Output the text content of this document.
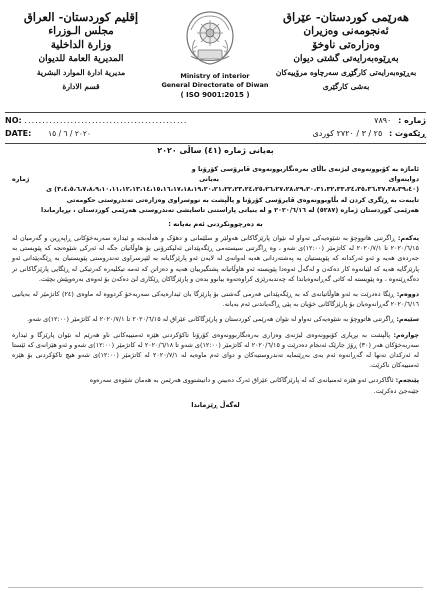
إقليم كوردستان- العراق
مجلس الـوزراء
وزارة الداخلية
المديرية العامة للديوان
مديرية ادارة الموارد البشرية
قسم الادارة
Ministry of interior
General Directorate of Diwan
( ISO 9001:2015 )
هەرێمی کوردستان- عێراق
ئەنجومەنی وەزیران
وەزارەتی ناوخۆ
بەڕێوەبەرایەتی گشتی دیوان
بەڕێوەبەرایەتی کارگێڕی سەرچاوە مرۆییەکان
بەشی کارگێری
NO: ..............................................
DATE: ٢٠٢٠ / ٦ / ١٥
ژمارە : ٧٨٩٠
ڕێکەوت : ٢٥ / ٣ / ٢٧٢٠ کوردی
بەیانی ژمارە (٤١) ساڵی ٢٠٢٠
ئاماژە بە کۆبوونەوەی لیژنەی باڵای بەرەنگاربوونەوەی ڤایرۆسی کۆرۆنا و
دواینەوای بەیانی ژمارە (٣،٤،٥،٦،٧،٨،٩،١٠،١١،١٢،١٣،١٤،١٥،١٦،١٧،١٨،١٩،٢٠،٢١،٢٢،٢٣،٢٤،٢٥،٢٦،٢٧،٢٨،٢٩،٣٠،٣١،٣٢،٣٣،٣٤،٣٥،٣٦،٣٧،٣٨،٣٩،٤٠) ی
تایبەت بە ڕێگری کردن لە بڵاوبوونەوەی ڤایرۆسی کۆرۆنا و پاڵپشت بە نووسراوی وەزارەتی تەندروستی حکومەتی
هەرێمی کوردستان ژمارە (٥٢٨٧) لە ٢٠٢٠/٦/١٦ و لە بنیاتی پاراستنی تاسایشی تەندروستی هەرێمی کوردستان ، بڕیارماندا
بە دەرچوونکردنی ئەم بەیانە :
یەکەم: ڕاگرتنی هاتووچۆ بە شێوەیەکی تەواو لە نێوان پارێزگاکانی هەولێر و سلێمانی و دهۆک و هەڵەبجە و ئیدارە سەربەخۆکانی ڕاپەڕین و گەرمیان لە ٢٠٢٠/٦/١٥ تا ٢٠٢٠/٧/١ لە کاتژمێر (١٢:٠٠)ی شەو ، وە ڕاگرتنی سیستەمی ڕێگەپێدانی ئەلیکترۆنی بۆ هاوڵاتیان جگە لە ئەرکی شێوەنجە کە پێویستی بە جەردەی هەیە و ئەو ئەرکدانە کە پێویستیان بە پەشتەردانی هەیە لەوانەی لە لایەن ئەو پارێزگایانە بە لێپرسراوی تەندروستی پێویستیان بە ڕێگەپێدانی ئەو پارێزگایە هەیە کە لێیانەوە کار دەکەن و لەگەڵ ئەوەدا پێویستە ئەو هاوڵاتیانە پشتگیرییان هەیە و دەزانن کە ئەمە تیکلیەرە کەرتیکی لە ڕێگایی پارێزگاکانی تر دەگەڕێنەوە ، وە پێویستە لە کاتی گەڕانەوەیاندا کە چەندبەرێزی کراوەتەوە بیانوو بدەن و پارێزگاکان ڕێکاری لێ دەکەن بۆ ئەوەی بەرەوپێش بچێت.
دووەم: ڕێگا دەدرێت بە ئەو هاوڵاتیانەی کە بە ڕێگەپێدانی فەرمی گەشتی بۆ پارێزگا بان ئیدارەیەکی سەربەخۆ کردووە لە ماوەی (٢٤) کاتژمێر لە بەیانیی ٢٠٢٠/٦/١٦ گەڕانەوەیان بۆ پارێزگاکانی خۆیان بە پێی ڕاگەیاندنی ئەم بەیانە.
سێیەم: ڕاگرتنی هاتووچۆ بە شێوەیەکی تەواو لە نێوان هەرێمی کوردستان و پارێزگاکانی عێراق لە ٢٠٢٠/٦/١٥ تا ٢٠٢٠/٧/١ لە کاتژمێر (١٢:٠٠)ی شەو.
چوارەم: پاڵپشت بە بڕیاری کۆبوونەوەی لیژنەی وەزاری بەرەنگاربوونەوەی کۆرۆنا تاکۆکردنی هێزە ئەمنییەکانی ناو هەرێم لە نێوان پارێزگا و ئیدارە سەربەخۆکان هەر (٣٠) ڕۆژ جارێک ئەنجام دەدرێت و ٢٠٢٠/٦/١٥ لە کاتژمێر (١٢:٠٠)ی شەو تا ٢٠٢٠/٦/١٨ لە کاتژمێر (١٢:٠٠)ی شەو و ئەو هێزانەی کە ئێستا لە ئەرکدان تەنها لە گەڕانەوە ئەم بەی بەڕێنمایە تەندروستیەکان و دوای ئەم ماوەیە لە ٢٠٢٠/٧/١ لە کاتژمێر (١٢:٠٠)ی شەو هیچ تاکۆکردنی بۆ هێزە ئەمنییەکان ناکرێت.
پێنجەم: ئاگاکردنی ئەو هێزە ئەمنیانەی کە لە پارێزگاکانی عێراق ئەرک دەبینن و داتیشتووی هەرێمن بە هەمان شێوەی سەرەوە
جێبەجێ دەکرێت.
لەگەڵ ڕێزماندا
